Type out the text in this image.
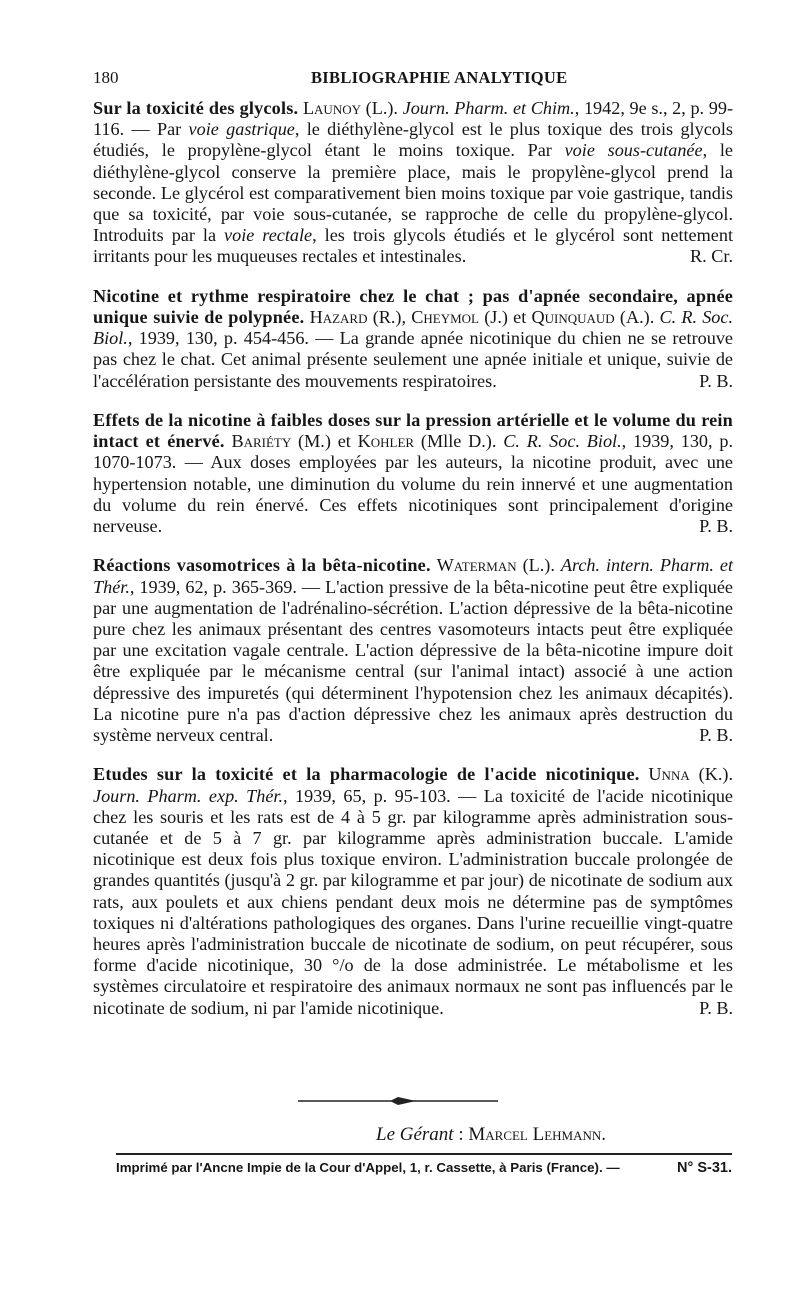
180	BIBLIOGRAPHIE ANALYTIQUE

Sur la toxicité des glycols. Launoy (L.). Journ. Pharm. et Chim., 1942, 9e s., 2, p. 99-116. — Par voie gastrique, le diéthylène-glycol est le plus toxique des trois glycols étudiés, le propylène-glycol étant le moins toxique. Par voie sous-cutanée, le diéthylène-glycol conserve la première place, mais le propylène-glycol prend la seconde. Le glycérol est comparativement bien moins toxique par voie gastrique, tandis que sa toxicité, par voie sous-cutanée, se rapproche de celle du propylène-glycol. Introduits par la voie rectale, les trois glycols étudiés et le glycérol sont nettement irritants pour les muqueuses rectales et intestinales.	R. Cr.

Nicotine et rythme respiratoire chez le chat ; pas d'apnée secondaire, apnée unique suivie de polypnée. Hazard (R.), Cheymol (J.) et Quinquaud (A.). C. R. Soc. Biol., 1939, 130, p. 454-456. — La grande apnée nicotinique du chien ne se retrouve pas chez le chat. Cet animal présente seulement une apnée initiale et unique, suivie de l'accélération persistante des mouvements respiratoires.	P. B.

Effets de la nicotine à faibles doses sur la pression artérielle et le volume du rein intact et énervé. Bariéty (M.) et Kohler (Mlle D.). C. R. Soc. Biol., 1939, 130, p. 1070-1073. — Aux doses employées par les auteurs, la nicotine produit, avec une hypertension notable, une diminution du volume du rein innervé et une augmentation du volume du rein énervé. Ces effets nicotiniques sont principalement d'origine nerveuse.	P. B.

Réactions vasomotrices à la bêta-nicotine. Waterman (L.). Arch. intern. Pharm. et Thér., 1939, 62, p. 365-369. — L'action pressive de la bêta-nicotine peut être expliquée par une augmentation de l'adrénalino-sécrétion. L'action dépressive de la bêta-nicotine pure chez les animaux présentant des centres vasomoteurs intacts peut être expliquée par une excitation vagale centrale. L'action dépressive de la bêta-nicotine impure doit être expliquée par le mécanisme central (sur l'animal intact) associé à une action dépressive des impuretés (qui déterminent l'hypotension chez les animaux décapités). La nicotine pure n'a pas d'action dépressive chez les animaux après destruction du système nerveux central.	P. B.

Etudes sur la toxicité et la pharmacologie de l'acide nicotinique. Unna (K.). Journ. Pharm. exp. Thér., 1939, 65, p. 95-103. — La toxicité de l'acide nicotinique chez les souris et les rats est de 4 à 5 gr. par kilogramme après administration sous-cutanée et de 5 à 7 gr. par kilogramme après administration buccale. L'amide nicotinique est deux fois plus toxique environ. L'administration buccale prolongée de grandes quantités (jusqu'à 2 gr. par kilogramme et par jour) de nicotinate de sodium aux rats, aux poulets et aux chiens pendant deux mois ne détermine pas de symptômes toxiques ni d'altérations pathologiques des organes. Dans l'urine recueillie vingt-quatre heures après l'administration buccale de nicotinate de sodium, on peut récupérer, sous forme d'acide nicotinique, 30 °/o de la dose administrée. Le métabolisme et les systèmes circulatoire et respiratoire des animaux normaux ne sont pas influencés par le nicotinate de sodium, ni par l'amide nicotinique.	P. B.

Le Gérant : Marcel Lehmann.
Imprimé par l'Ancne Impie de la Cour d'Appel, 1, r. Cassette, à Paris (France). —	N° S-31.
